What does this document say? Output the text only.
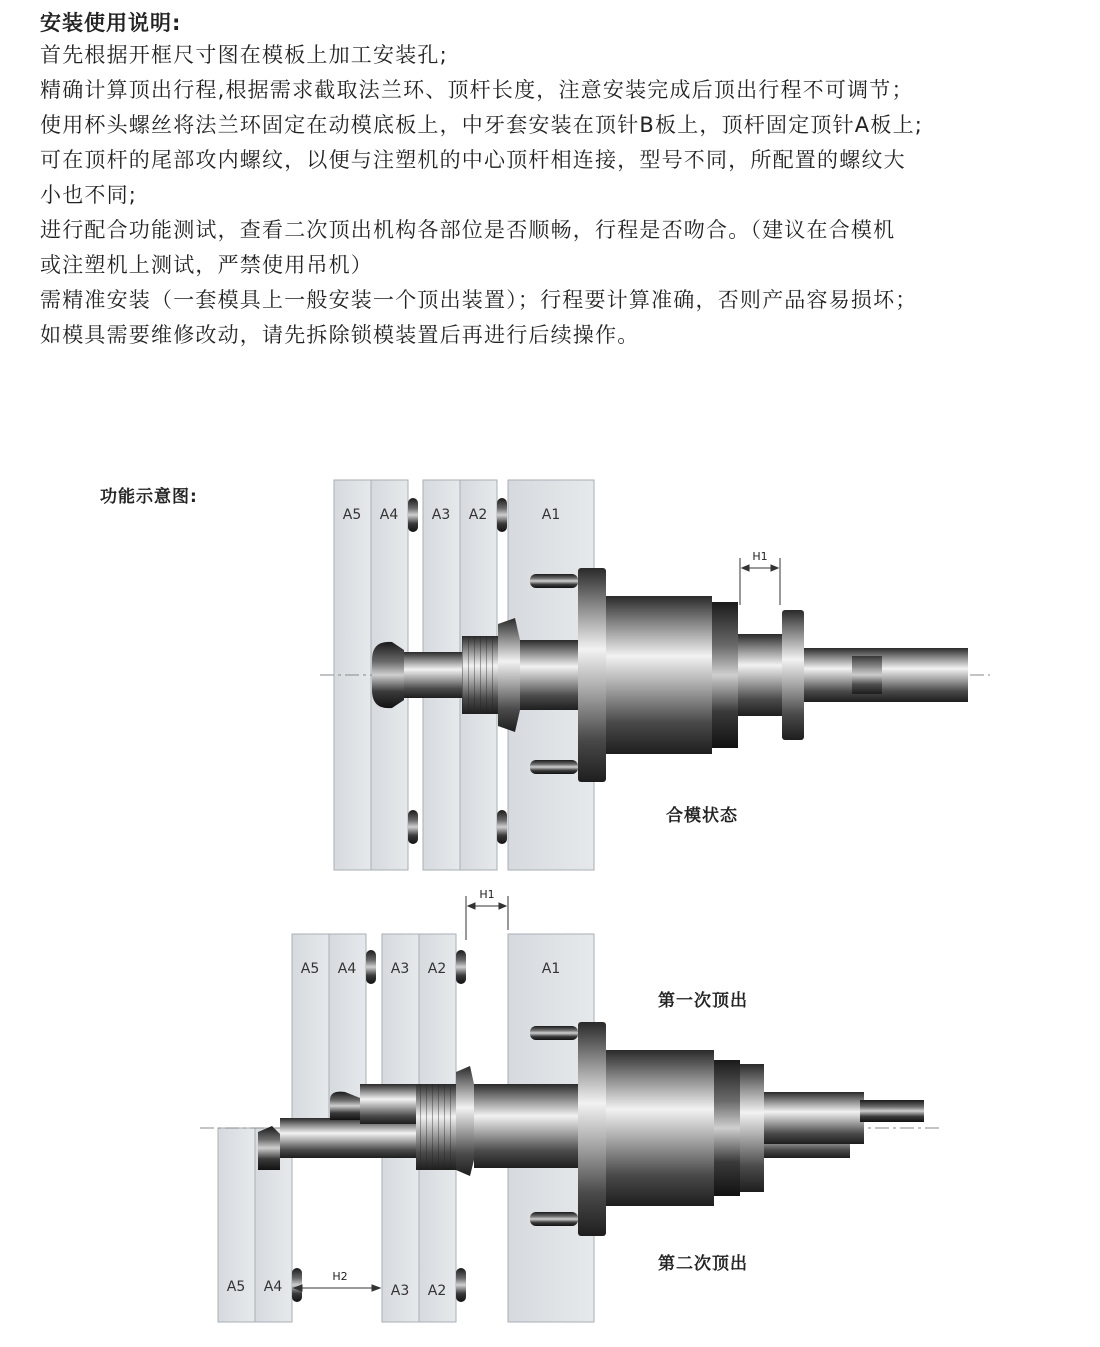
安装使用说明:

首先根据开框尺寸图在模板上加工安装孔;

精确计算顶出行程,根据需求截取法兰环、顶杆长度，注意安装完成后顶出行程不可调节；

使用杯头螺丝将法兰环固定在动模底板上，中牙套安装在顶针B板上，顶杆固定顶针A板上;

可在顶杆的尾部攻内螺纹，以便与注塑机的中心顶杆相连接，型号不同，所配置的螺纹大

小也不同;

进行配合功能测试，查看二次顶出机构各部位是否顺畅，行程是否吻合。（建议在合模机

或注塑机上测试，严禁使用吊机）

需精准安装（一套模具上一般安装一个顶出装置）；行程要计算准确，否则产品容易损坏；

如模具需要维修改动，请先拆除锁模装置后再进行后续操作。

功能示意图:
A5 A4 A3 A2	A1
H1
合模状态
A5 A4 A3 A2	A1
H1
第一次顶出
A5 A4
H2
A3 A2
第二次顶出
